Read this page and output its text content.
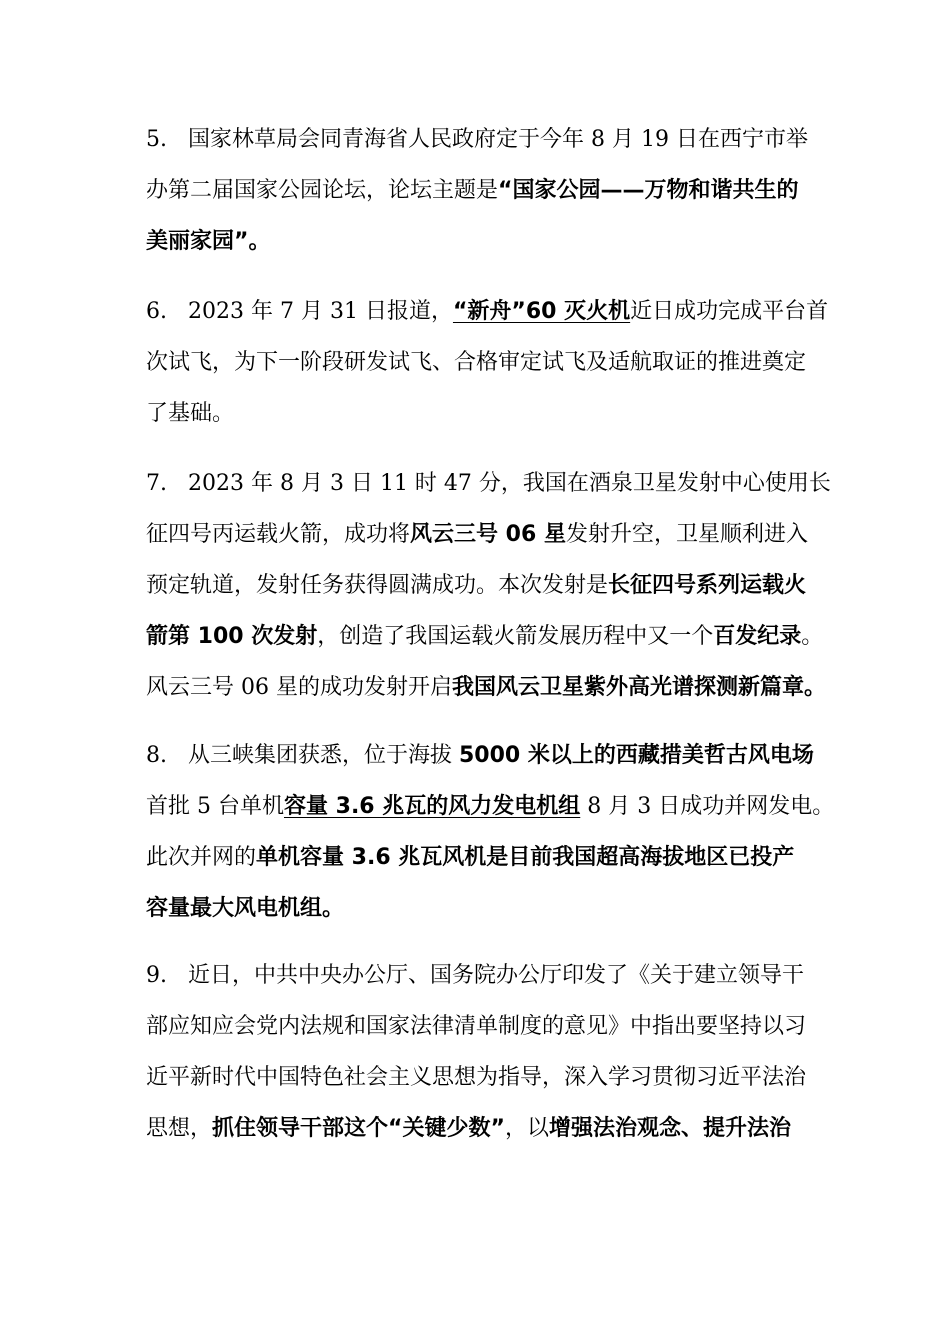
5. 国家林草局会同青海省人民政府定于今年 8 月 19 日在西宁市举
办第二届国家公园论坛，论坛主题是“国家公园——万物和谐共生的
美丽家园”。
6. 2023 年 7 月 31 日报道，“新舟”60 灭火机近日成功完成平台首
次试飞，为下一阶段研发试飞、合格审定试飞及适航取证的推进奠定
了基础。
7. 2023 年 8 月 3 日 11 时 47 分，我国在酒泉卫星发射中心使用长
征四号丙运载火箭，成功将风云三号 06 星发射升空，卫星顺利进入
预定轨道，发射任务获得圆满成功。本次发射是长征四号系列运载火
箭第 100 次发射，创造了我国运载火箭发展历程中又一个百发纪录。
风云三号 06 星的成功发射开启我国风云卫星紫外高光谱探测新篇章。
8. 从三峡集团获悉，位于海拔 5000 米以上的西藏措美哲古风电场
首批 5 台单机容量 3.6 兆瓦的风力发电机组 8 月 3 日成功并网发电。
此次并网的单机容量 3.6 兆瓦风机是目前我国超高海拔地区已投产
容量最大风电机组。
9. 近日，中共中央办公厅、国务院办公厅印发了《关于建立领导干
部应知应会党内法规和国家法律清单制度的意见》中指出要坚持以习
近平新时代中国特色社会主义思想为指导，深入学习贯彻习近平法治
思想，抓住领导干部这个“关键少数”，以增强法治观念、提升法治
